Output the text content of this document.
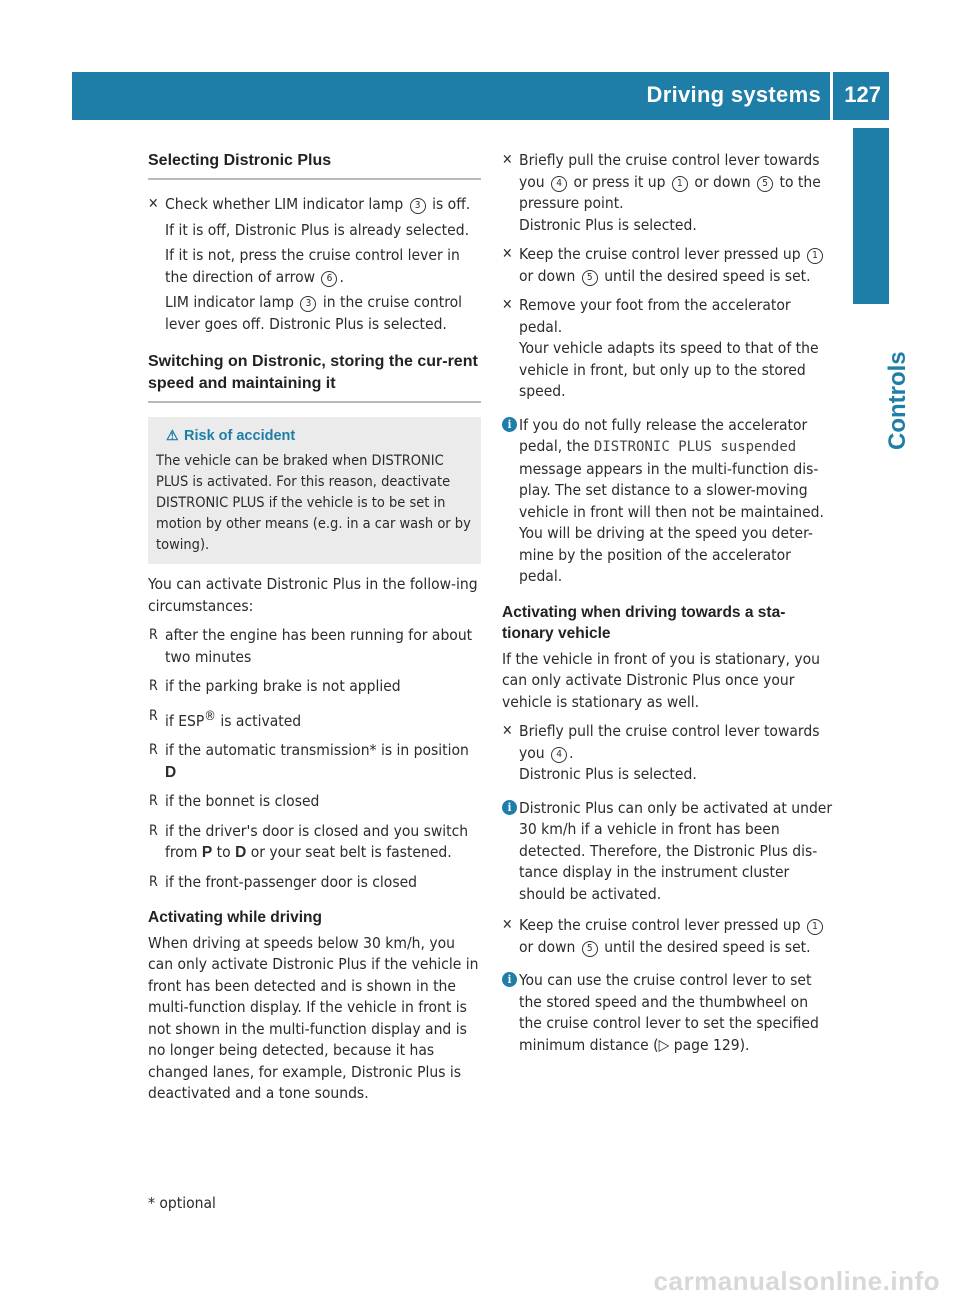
Driving systems 127
Controls
Selecting Distronic Plus
✕ Check whether LIM indicator lamp 3 is off.

If it is off, Distronic Plus is already selected.

If it is not, press the cruise control lever in the direction of arrow 6 .

LIM indicator lamp 3 in the cruise control lever goes off. Distronic Plus is selected.

Switching on Distronic, storing the cur-rent speed and maintaining it
⚠ Risk of accident
The vehicle can be braked when DISTRONIC PLUS is activated. For this reason, deactivate DISTRONIC PLUS if the vehicle is to be set in motion by other means (e.g. in a car wash or by towing).
You can activate Distronic Plus in the follow-ing circumstances:
R after the engine has been running for about two minutes
R if the parking brake is not applied
R if ESP® is activated
R if the automatic transmission* is in position
D
R if the bonnet is closed
R if the driver's door is closed and you switch from P to D or your seat belt is fastened.
R if the front-passenger door is closed
Activating while driving
When driving at speeds below 30 km/h, you can only activate Distronic Plus if the vehicle in front has been detected and is shown in the multi-function display. If the vehicle in front is not shown in the multi-function display and is no longer being detected, because it has changed lanes, for example, Distronic Plus is deactivated and a tone sounds.
✕ Briefly pull the cruise control lever towards you 4 or press it up 1 or down 5 to the pressure point.
Distronic Plus is selected.

✕ Keep the cruise control lever pressed up 1 or down 5 until the desired speed is set.

✕ Remove your foot from the accelerator pedal.
Your vehicle adapts its speed to that of the vehicle in front, but only up to the stored speed.

i If you do not fully release the accelerator pedal, the DISTRONIC PLUS suspended message appears in the multi-function dis-play. The set distance to a slower-moving vehicle in front will then not be maintained. You will be driving at the speed you deter-mine by the position of the accelerator pedal.
Activating when driving towards a sta-tionary vehicle
If the vehicle in front of you is stationary, you can only activate Distronic Plus once your vehicle is stationary as well.
✕ Briefly pull the cruise control lever towards you 4 .
Distronic Plus is selected.

i Distronic Plus can only be activated at under 30 km/h if a vehicle in front has been detected. Therefore, the Distronic Plus dis-tance display in the instrument cluster should be activated.
✕ Keep the cruise control lever pressed up 1 or down 5 until the desired speed is set.

i You can use the cruise control lever to set the stored speed and the thumbwheel on the cruise control lever to set the specified minimum distance (▷ page 129).
* optional
carmanualsonline.info
